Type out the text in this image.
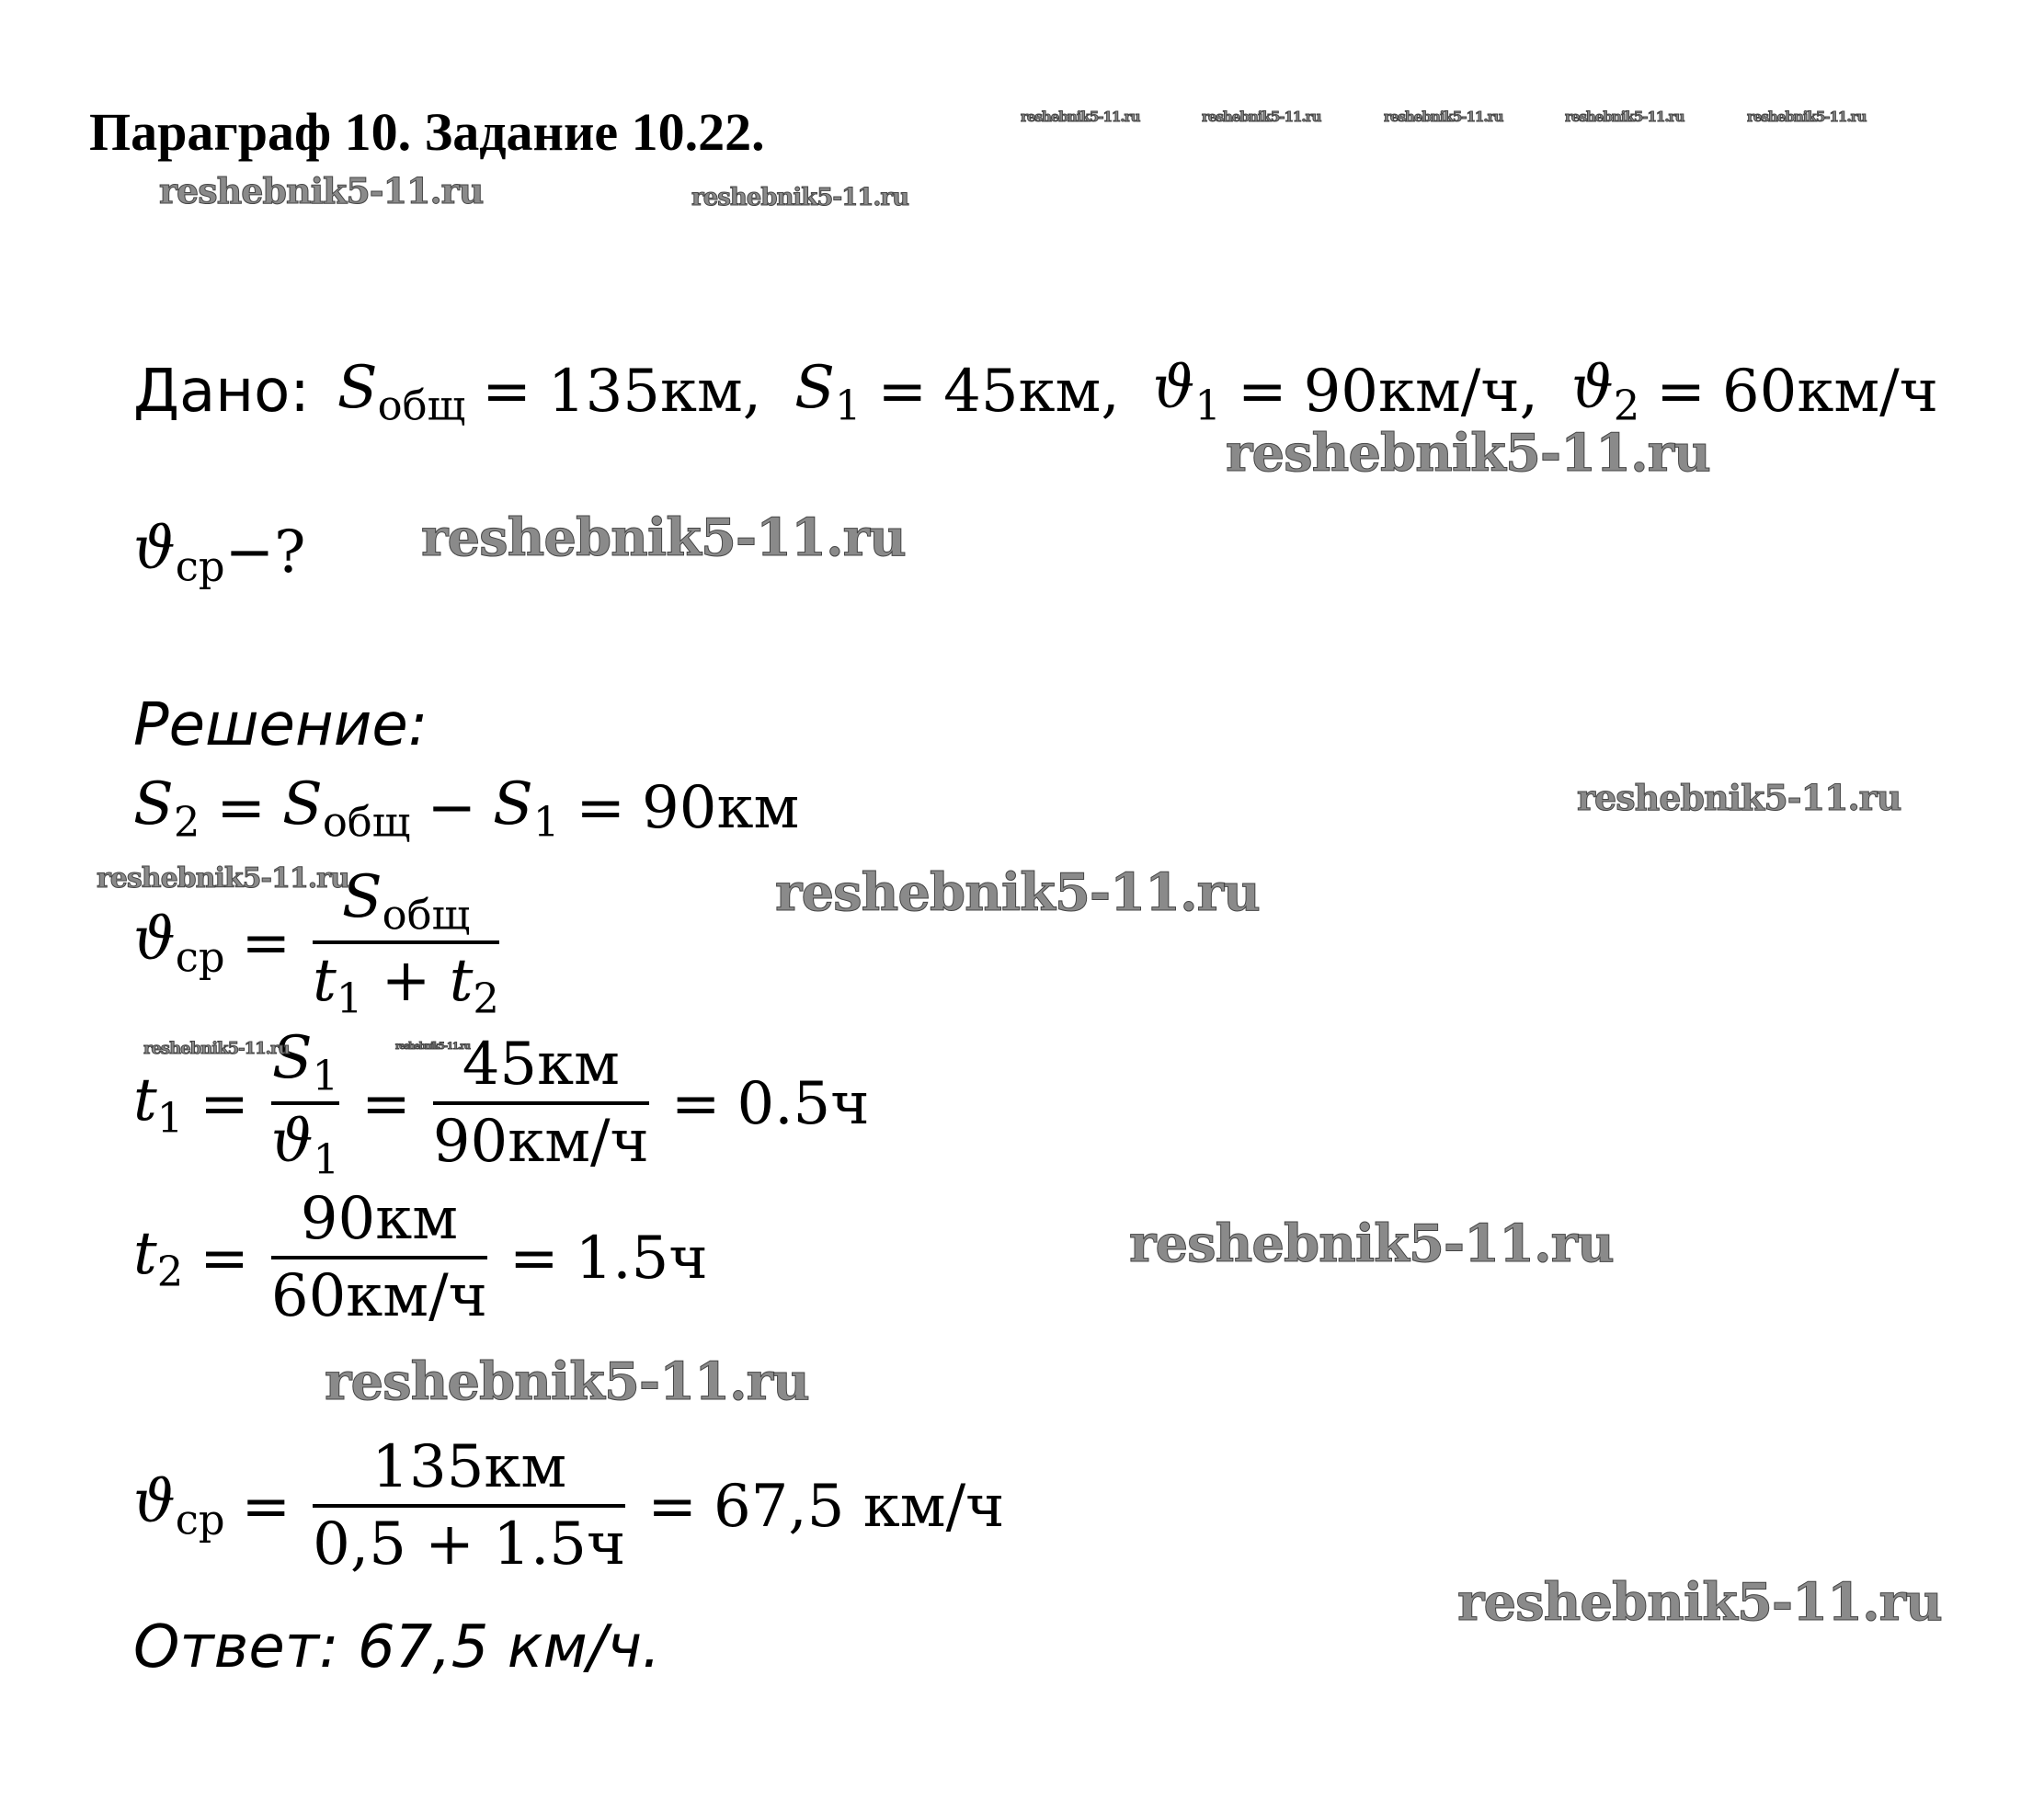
Параграф 10. Задание 10.22.
Дано: $S_{общ} = 135км$ , $S_1 = 45км$ , $ϑ_1 = 90км/ч$ , $ϑ_2 = 60км/ч$
$ϑ_{ср}$ −?
Решение:
$S_2 = S_{общ} - S_1 = 90км$
$ϑ_{ср} = \frac{S_{общ}}{t_1 + t_2}$
$t_1 = \frac{S_1}{ϑ_1} = \frac{45км}{90км/ч} = 0.5ч$
$t_2 = \frac{90км}{60км/ч} = 1.5ч$
$ϑ_{ср} = \frac{135км}{0,5 + 1.5ч} = 67,5$ км/ч
Ответ: 67,5 км/ч.
reshebnik5-11.ru	reshebnik5-11.ru	reshebnik5-11.ru	reshebnik5-11.ru	reshebnik5-11.ru
reshebnik5-11.ru	reshebnik5-11.ru
reshebnik5-11.ru
reshebnik5-11.ru
reshebnik5-11.ru
reshebnik5-11.ru	reshebnik5-11.ru
reshebnik5-11.ru	reshebnik5-11.ru
reshebnik5-11.ru
reshebnik5-11.ru
reshebnik5-11.ru
